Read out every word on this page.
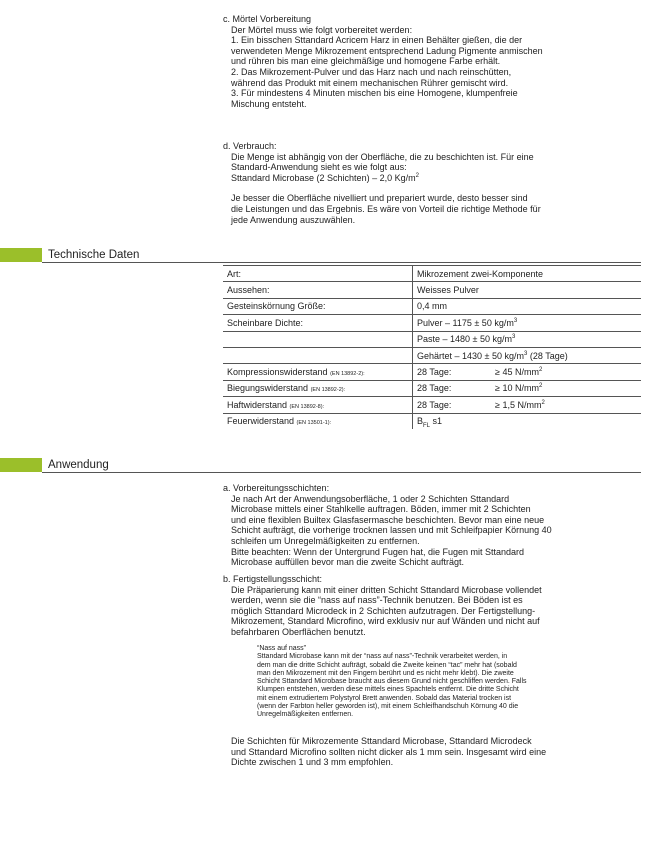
c. Mörtel Vorbereitung

Der Mörtel muss wie folgt vorbereitet werden:

1. Ein bisschen Sttandard Acricem Harz in einen Behälter gießen, die der

verwendeten Menge Mikrozement entsprechend Ladung Pigmente anmischen

und rühren bis man eine gleichmäßige und homogene Farbe erhält.

2. Das Mikrozement-Pulver und das Harz nach und nach reinschütten,

während das Produkt mit einem mechanischen Rührer gemischt wird.

3. Für mindestens 4 Minuten mischen bis eine Homogene, klumpenfreie

Mischung entsteht.

d. Verbrauch:

Die Menge ist abhängig von der Oberfläche, die zu beschichten ist. Für eine

Standard-Anwendung sieht es wie folgt aus:

Sttandard Microbase (2 Schichten) – 2,0 $Kg/m^2$

Je besser die Oberfläche nivelliert und prepariert wurde, desto besser sind

die Leistungen und das Ergebnis. Es wäre von Vorteil die richtige Methode für

jede Anwendung auszuwählen.

Technische Daten
Art:	Mikrozement zwei-Komponente
Aussehen:	Weisses Pulver
Gesteinskörnung Größe:	0,4 mm
Scheinbare Dichte:	Pulver – 1175 ± 50 $kg/m^3$
	Paste – 1480 ± 50 $kg/m^3$
	Gehärtet – 1430 ± 50 $kg/m^3$ (28 Tage)
Kompressionswiderstand (EN 13892-2):	28 Tage: ≥ 45 $N/mm^2$
Biegungswiderstand (EN 13892-2):	28 Tage: ≥ 10 $N/mm^2$
Haftwiderstand (EN 13892-8):	28 Tage: ≥ 1,5 $N/mm^2$
Feuerwiderstand (EN 13501-1):	$B_{FL}$ s1
Anwendung

a. Vorbereitungsschichten:

Je nach Art der Anwendungsoberfläche, 1 oder 2 Schichten Sttandard

Microbase mittels einer Stahlkelle auftragen. Böden, immer mit 2 Schichten

und eine flexiblen Builtex Glasfasermasche beschichten. Bevor man eine neue

Schicht aufträgt, die vorherige trocknen lassen und mit Schleifpapier Körnung 40

schleifen um Unregelmäßigkeiten zu entfernen.

Bitte beachten: Wenn der Untergrund Fugen hat, die Fugen mit Sttandard

Microbase auffüllen bevor man die zweite Schicht aufträgt.

b. Fertigstellungsschicht:

Die Präparierung kann mit einer dritten Schicht Sttandard Microbase vollendet

werden, wenn sie die “nass auf nass”-Technik benutzen. Bei Böden ist es

möglich Sttandard Microdeck in 2 Schichten aufzutragen. Der Fertigstellung-

Mikrozement, Standard Microfino, wird exklusiv nur auf Wänden und nicht auf

befahrbaren Oberflächen benutzt.

“Nass auf nass”

Sttandard Microbase kann mit der “nass auf nass”-Technik verarbeitet werden, in

dem man die dritte Schicht aufträgt, sobald die Zweite keinen “tac” mehr hat (sobald

man den Mikrozement mit den Fingern berührt und es nicht mehr klebt). Die zweite

Schicht Sttandard Microbase braucht aus diesem Grund nicht geschliffen werden. Falls

Klumpen entstehen, werden diese mittels eines Spachtels entfernt. Die dritte Schicht

mit einem extrudiertem Polystyrol Brett anwenden. Sobald das Material trocken ist

(wenn der Farbton heller geworden ist), mit einem Schleifhandschuh Körnung 40 die

Unregelmäßigkeiten entfernen.

Die Schichten für Mikrozemente Sttandard Microbase, Sttandard Microdeck

und Sttandard Microfino sollten nicht dicker als 1 mm sein. Insgesamt wird eine

Dichte zwischen 1 und 3 mm empfohlen.
